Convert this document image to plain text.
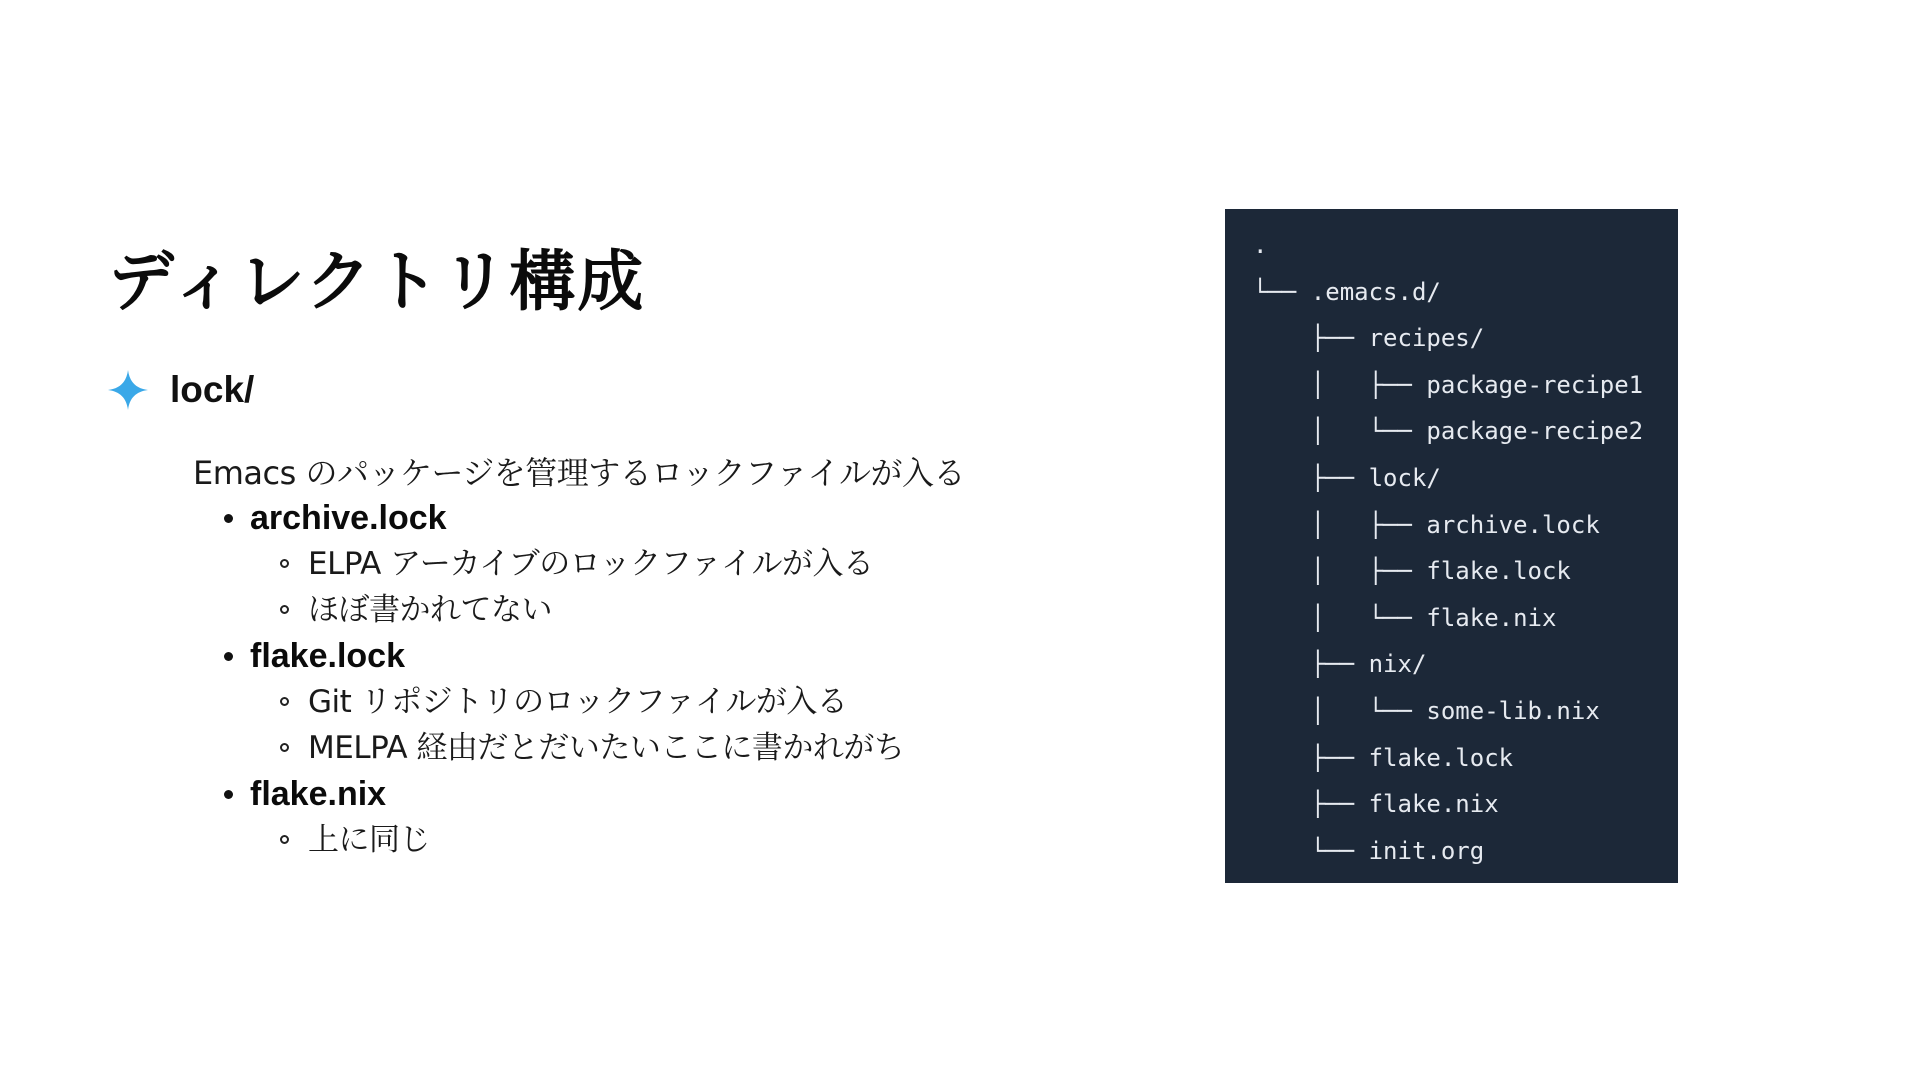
ディレクトリ構成
lock/
Emacs のパッケージを管理するロックファイルが入る
archive.lock
ELPA アーカイブのロックファイルが入る
ほぼ書かれてない
flake.lock
Git リポジトリのロックファイルが入る
MELPA 経由だとだいたいここに書かれがち
flake.nix
上に同じ
.
└── .emacs.d/
├── recipes/
│   ├── package-recipe1
│   └── package-recipe2
├── lock/
│   ├── archive.lock
│   ├── flake.lock
│   └── flake.nix
├── nix/
│   └── some-lib.nix
├── flake.lock
├── flake.nix
└── init.org
